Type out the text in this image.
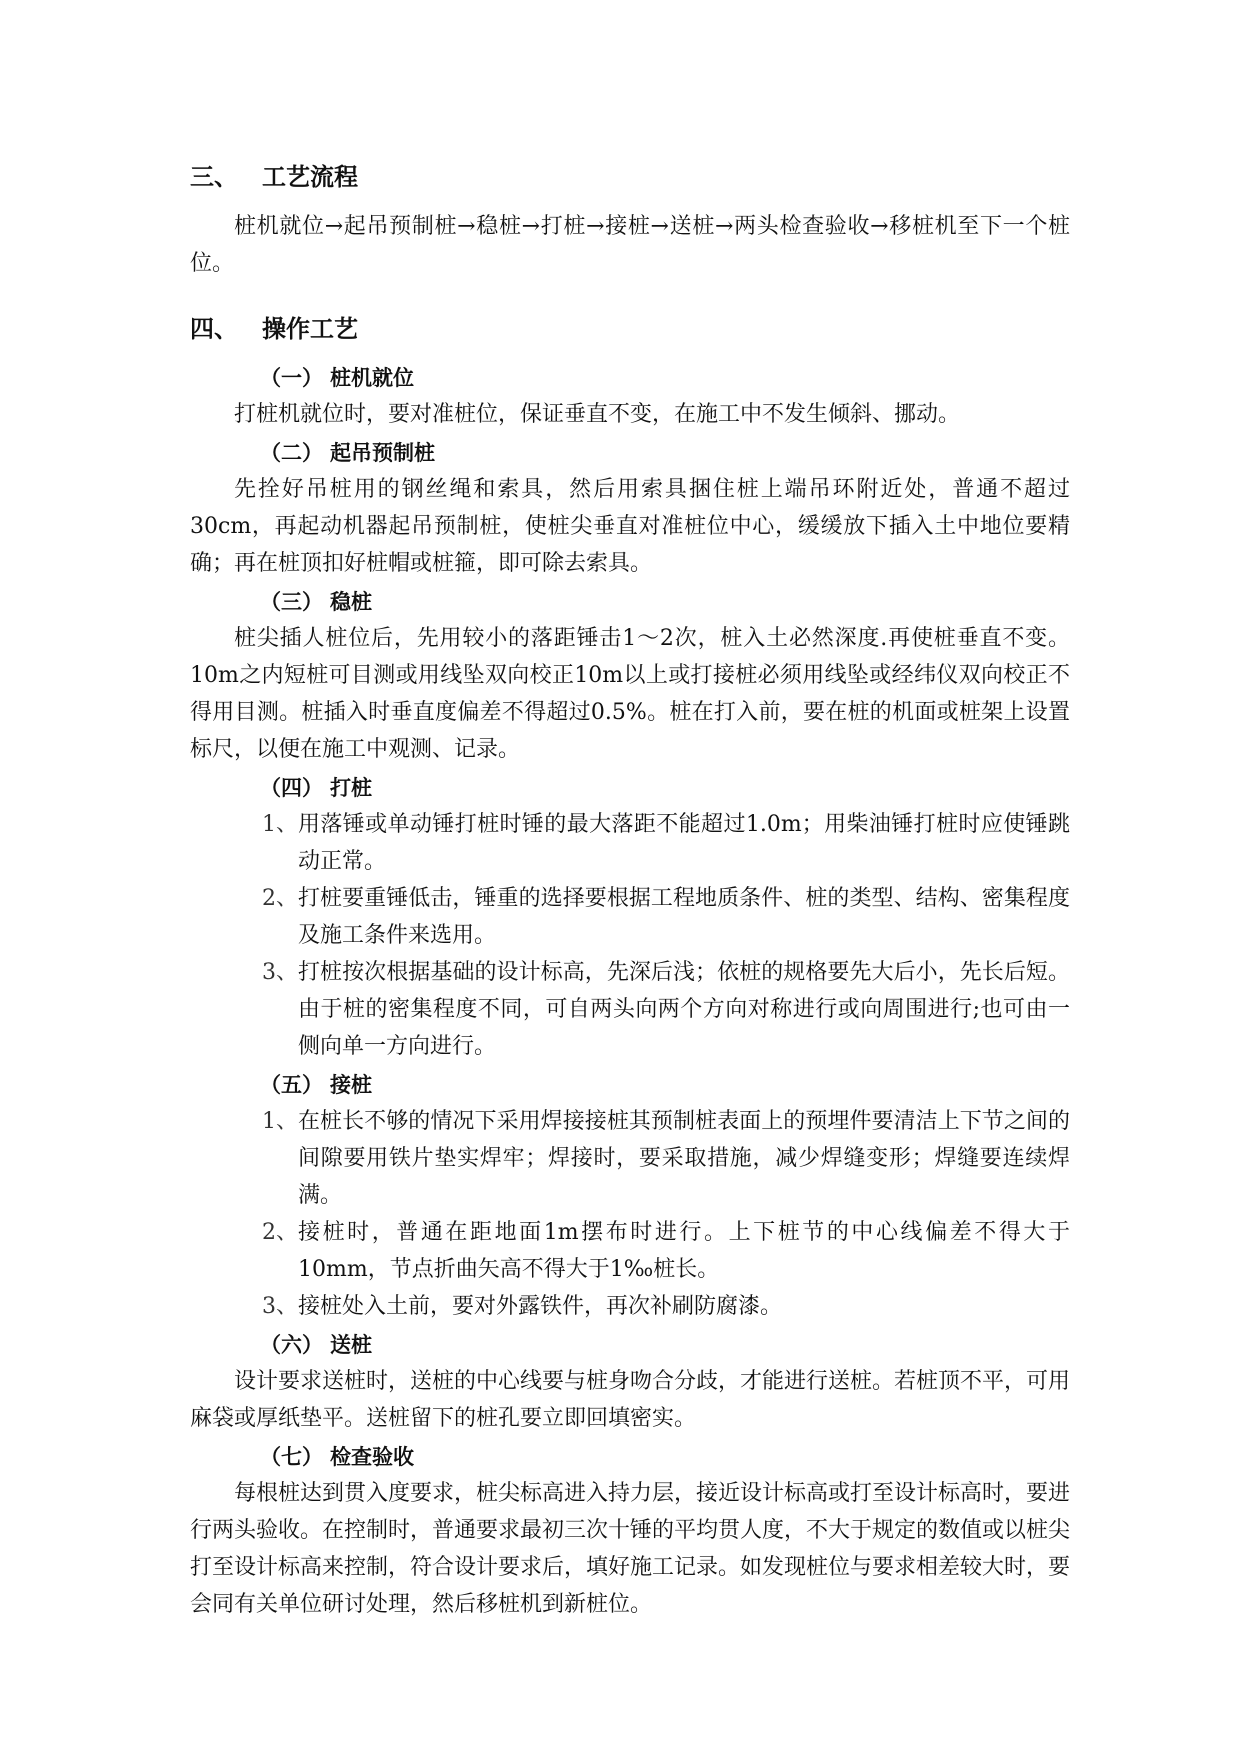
三、	工艺流程

桩机就位→起吊预制桩→稳桩→打桩→接桩→送桩→两头检查验收→移桩机至下一个桩位。

四、	操作工艺
（一） 桩机就位

打桩机就位时，要对准桩位，保证垂直不变，在施工中不发生倾斜、挪动。

（二） 起吊预制桩

先拴好吊桩用的钢丝绳和索具，然后用索具捆住桩上端吊环附近处，普通不超过30cm，再起动机器起吊预制桩，使桩尖垂直对准桩位中心，缓缓放下插入土中地位要精确；再在桩顶扣好桩帽或桩箍，即可除去索具。

（三） 稳桩

桩尖插人桩位后，先用较小的落距锤击1～2次，桩入土必然深度.再使桩垂直不变。10m之内短桩可目测或用线坠双向校正10m以上或打接桩必须用线坠或经纬仪双向校正不得用目测。桩插入时垂直度偏差不得超过0.5%。桩在打入前，要在桩的机面或桩架上设置标尺，以便在施工中观测、记录。

（四） 打桩
1、 用落锤或单动锤打桩时锤的最大落距不能超过1.0m；用柴油锤打桩时应使锤跳动正常。
2、 打桩要重锤低击，锤重的选择要根据工程地质条件、桩的类型、结构、密集程度及施工条件来选用。
3、 打桩按次根据基础的设计标高，先深后浅；依桩的规格要先大后小，先长后短。由于桩的密集程度不同，可自两头向两个方向对称进行或向周围进行;也可由一侧向单一方向进行。
（五） 接桩
1、 在桩长不够的情况下采用焊接接桩其预制桩表面上的预埋件要清洁上下节之间的间隙要用铁片垫实焊牢；焊接时，要采取措施，减少焊缝变形；焊缝要连续焊满。
2、 接桩时，普通在距地面1m摆布时进行。上下桩节的中心线偏差不得大于10mm，节点折曲矢高不得大于1‰桩长。
3、 接桩处入土前，要对外露铁件，再次补刷防腐漆。
（六） 送桩

设计要求送桩时，送桩的中心线要与桩身吻合分歧，才能进行送桩。若桩顶不平，可用麻袋或厚纸垫平。送桩留下的桩孔要立即回填密实。

（七） 检查验收

每根桩达到贯入度要求，桩尖标高进入持力层，接近设计标高或打至设计标高时，要进行两头验收。在控制时，普通要求最初三次十锤的平均贯人度，不大于规定的数值或以桩尖打至设计标高来控制，符合设计要求后，填好施工记录。如发现桩位与要求相差较大时，要会同有关单位研讨处理，然后移桩机到新桩位。
